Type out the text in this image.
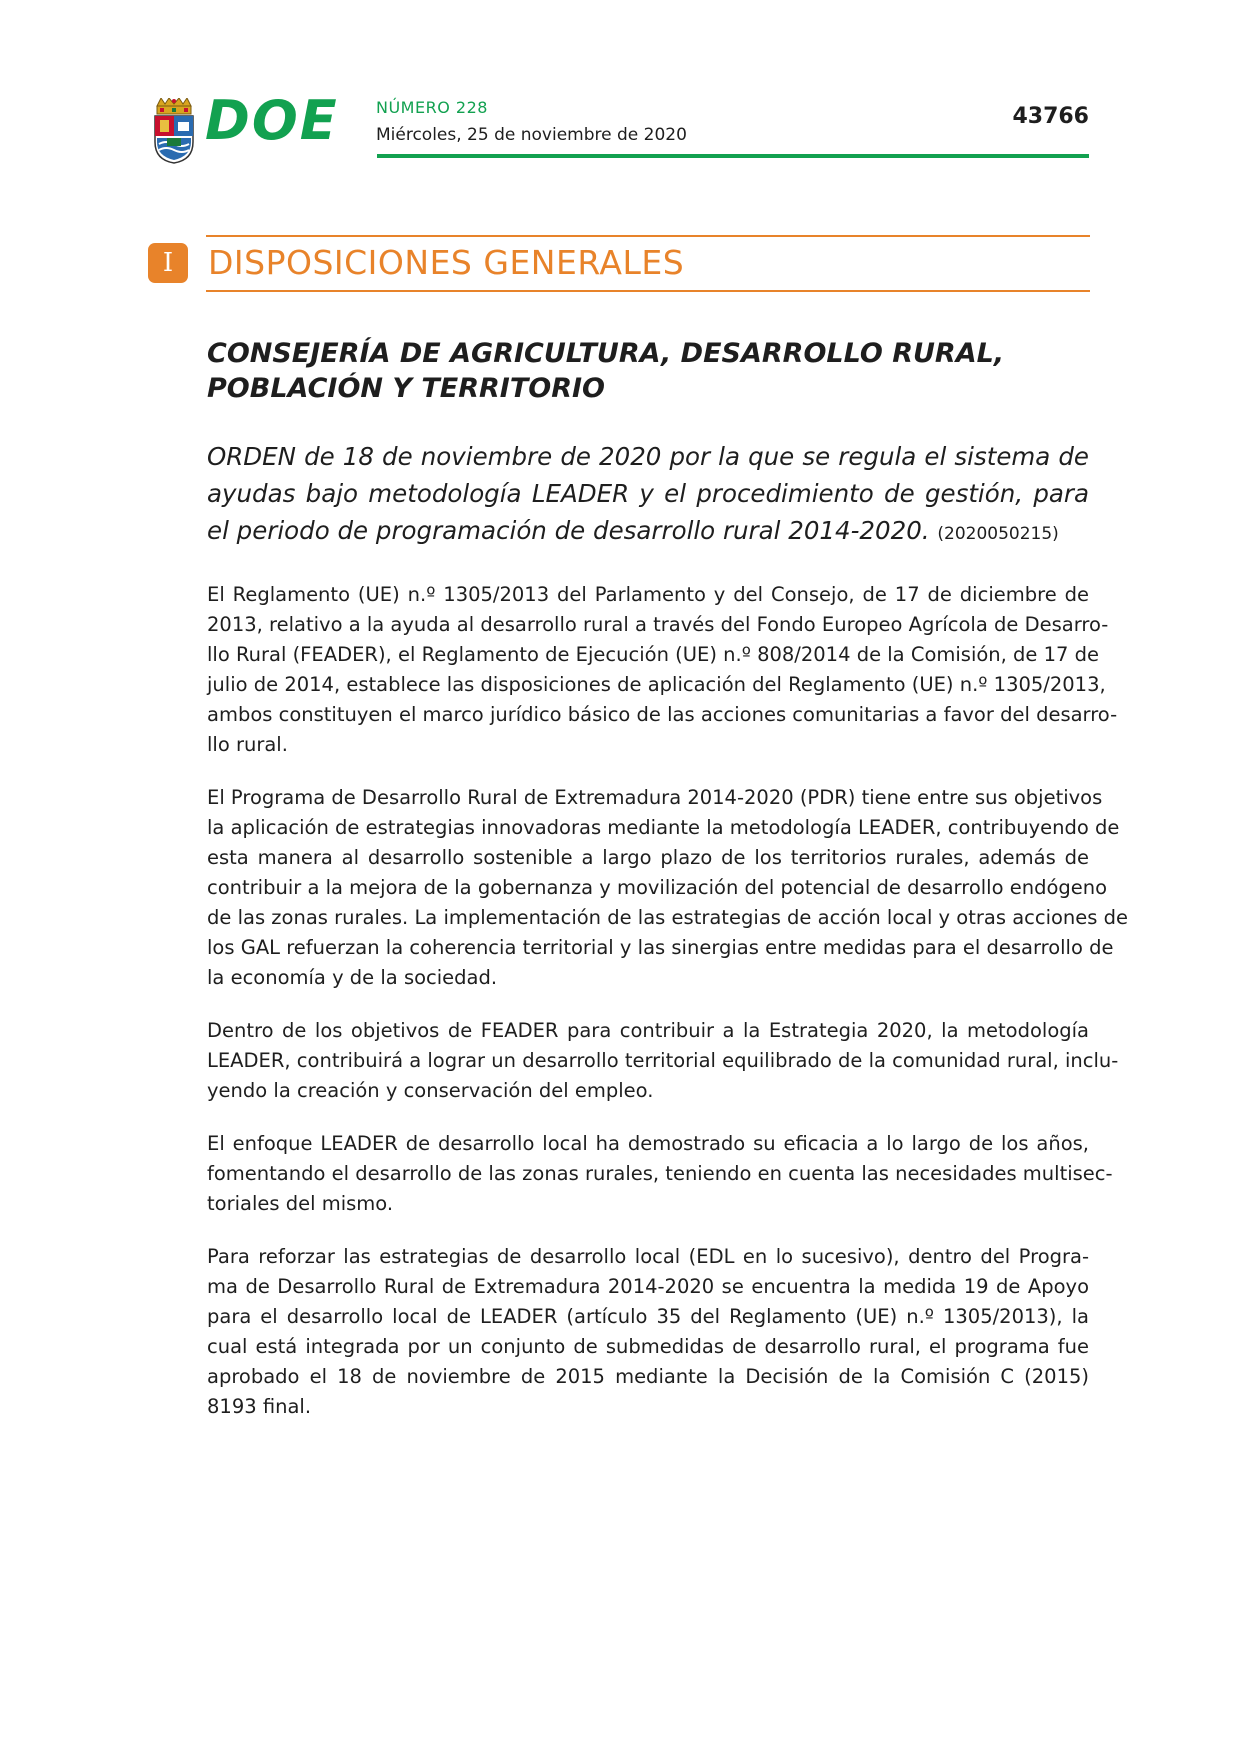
DOE NÚMERO 228
Miércoles, 25 de noviembre de 2020
43766
I	DISPOSICIONES GENERALES
CONSEJERÍA DE AGRICULTURA, DESARROLLO RURAL,
POBLACIÓN Y TERRITORIO
ORDEN de 18 de noviembre de 2020 por la que se regula el sistema de ayudas bajo metodología LEADER y el procedimiento de gestión, para el periodo de programación de desarrollo rural 2014-2020. (2020050215)
El Reglamento (UE) n.º 1305/2013 del Parlamento y del Consejo, de 17 de diciembre de
2013, relativo a la ayuda al desarrollo rural a través del Fondo Europeo Agrícola de Desarro-
llo Rural (FEADER), el Reglamento de Ejecución (UE) n.º 808/2014 de la Comisión, de 17 de
julio de 2014, establece las disposiciones de aplicación del Reglamento (UE) n.º 1305/2013,
ambos constituyen el marco jurídico básico de las acciones comunitarias a favor del desarro-
llo rural.
El Programa de Desarrollo Rural de Extremadura 2014-2020 (PDR) tiene entre sus objetivos
la aplicación de estrategias innovadoras mediante la metodología LEADER, contribuyendo de
esta manera al desarrollo sostenible a largo plazo de los territorios rurales, además de
contribuir a la mejora de la gobernanza y movilización del potencial de desarrollo endógeno
de las zonas rurales. La implementación de las estrategias de acción local y otras acciones de
los GAL refuerzan la coherencia territorial y las sinergias entre medidas para el desarrollo de
la economía y de la sociedad.
Dentro de los objetivos de FEADER para contribuir a la Estrategia 2020, la metodología
LEADER, contribuirá a lograr un desarrollo territorial equilibrado de la comunidad rural, inclu-
yendo la creación y conservación del empleo.
El enfoque LEADER de desarrollo local ha demostrado su eficacia a lo largo de los años,
fomentando el desarrollo de las zonas rurales, teniendo en cuenta las necesidades multisec-
toriales del mismo.
Para reforzar las estrategias de desarrollo local (EDL en lo sucesivo), dentro del Progra-
ma de Desarrollo Rural de Extremadura 2014-2020 se encuentra la medida 19 de Apoyo
para el desarrollo local de LEADER (artículo 35 del Reglamento (UE) n.º 1305/2013), la
cual está integrada por un conjunto de submedidas de desarrollo rural, el programa fue
aprobado el 18 de noviembre de 2015 mediante la Decisión de la Comisión C (2015)
8193 final.
